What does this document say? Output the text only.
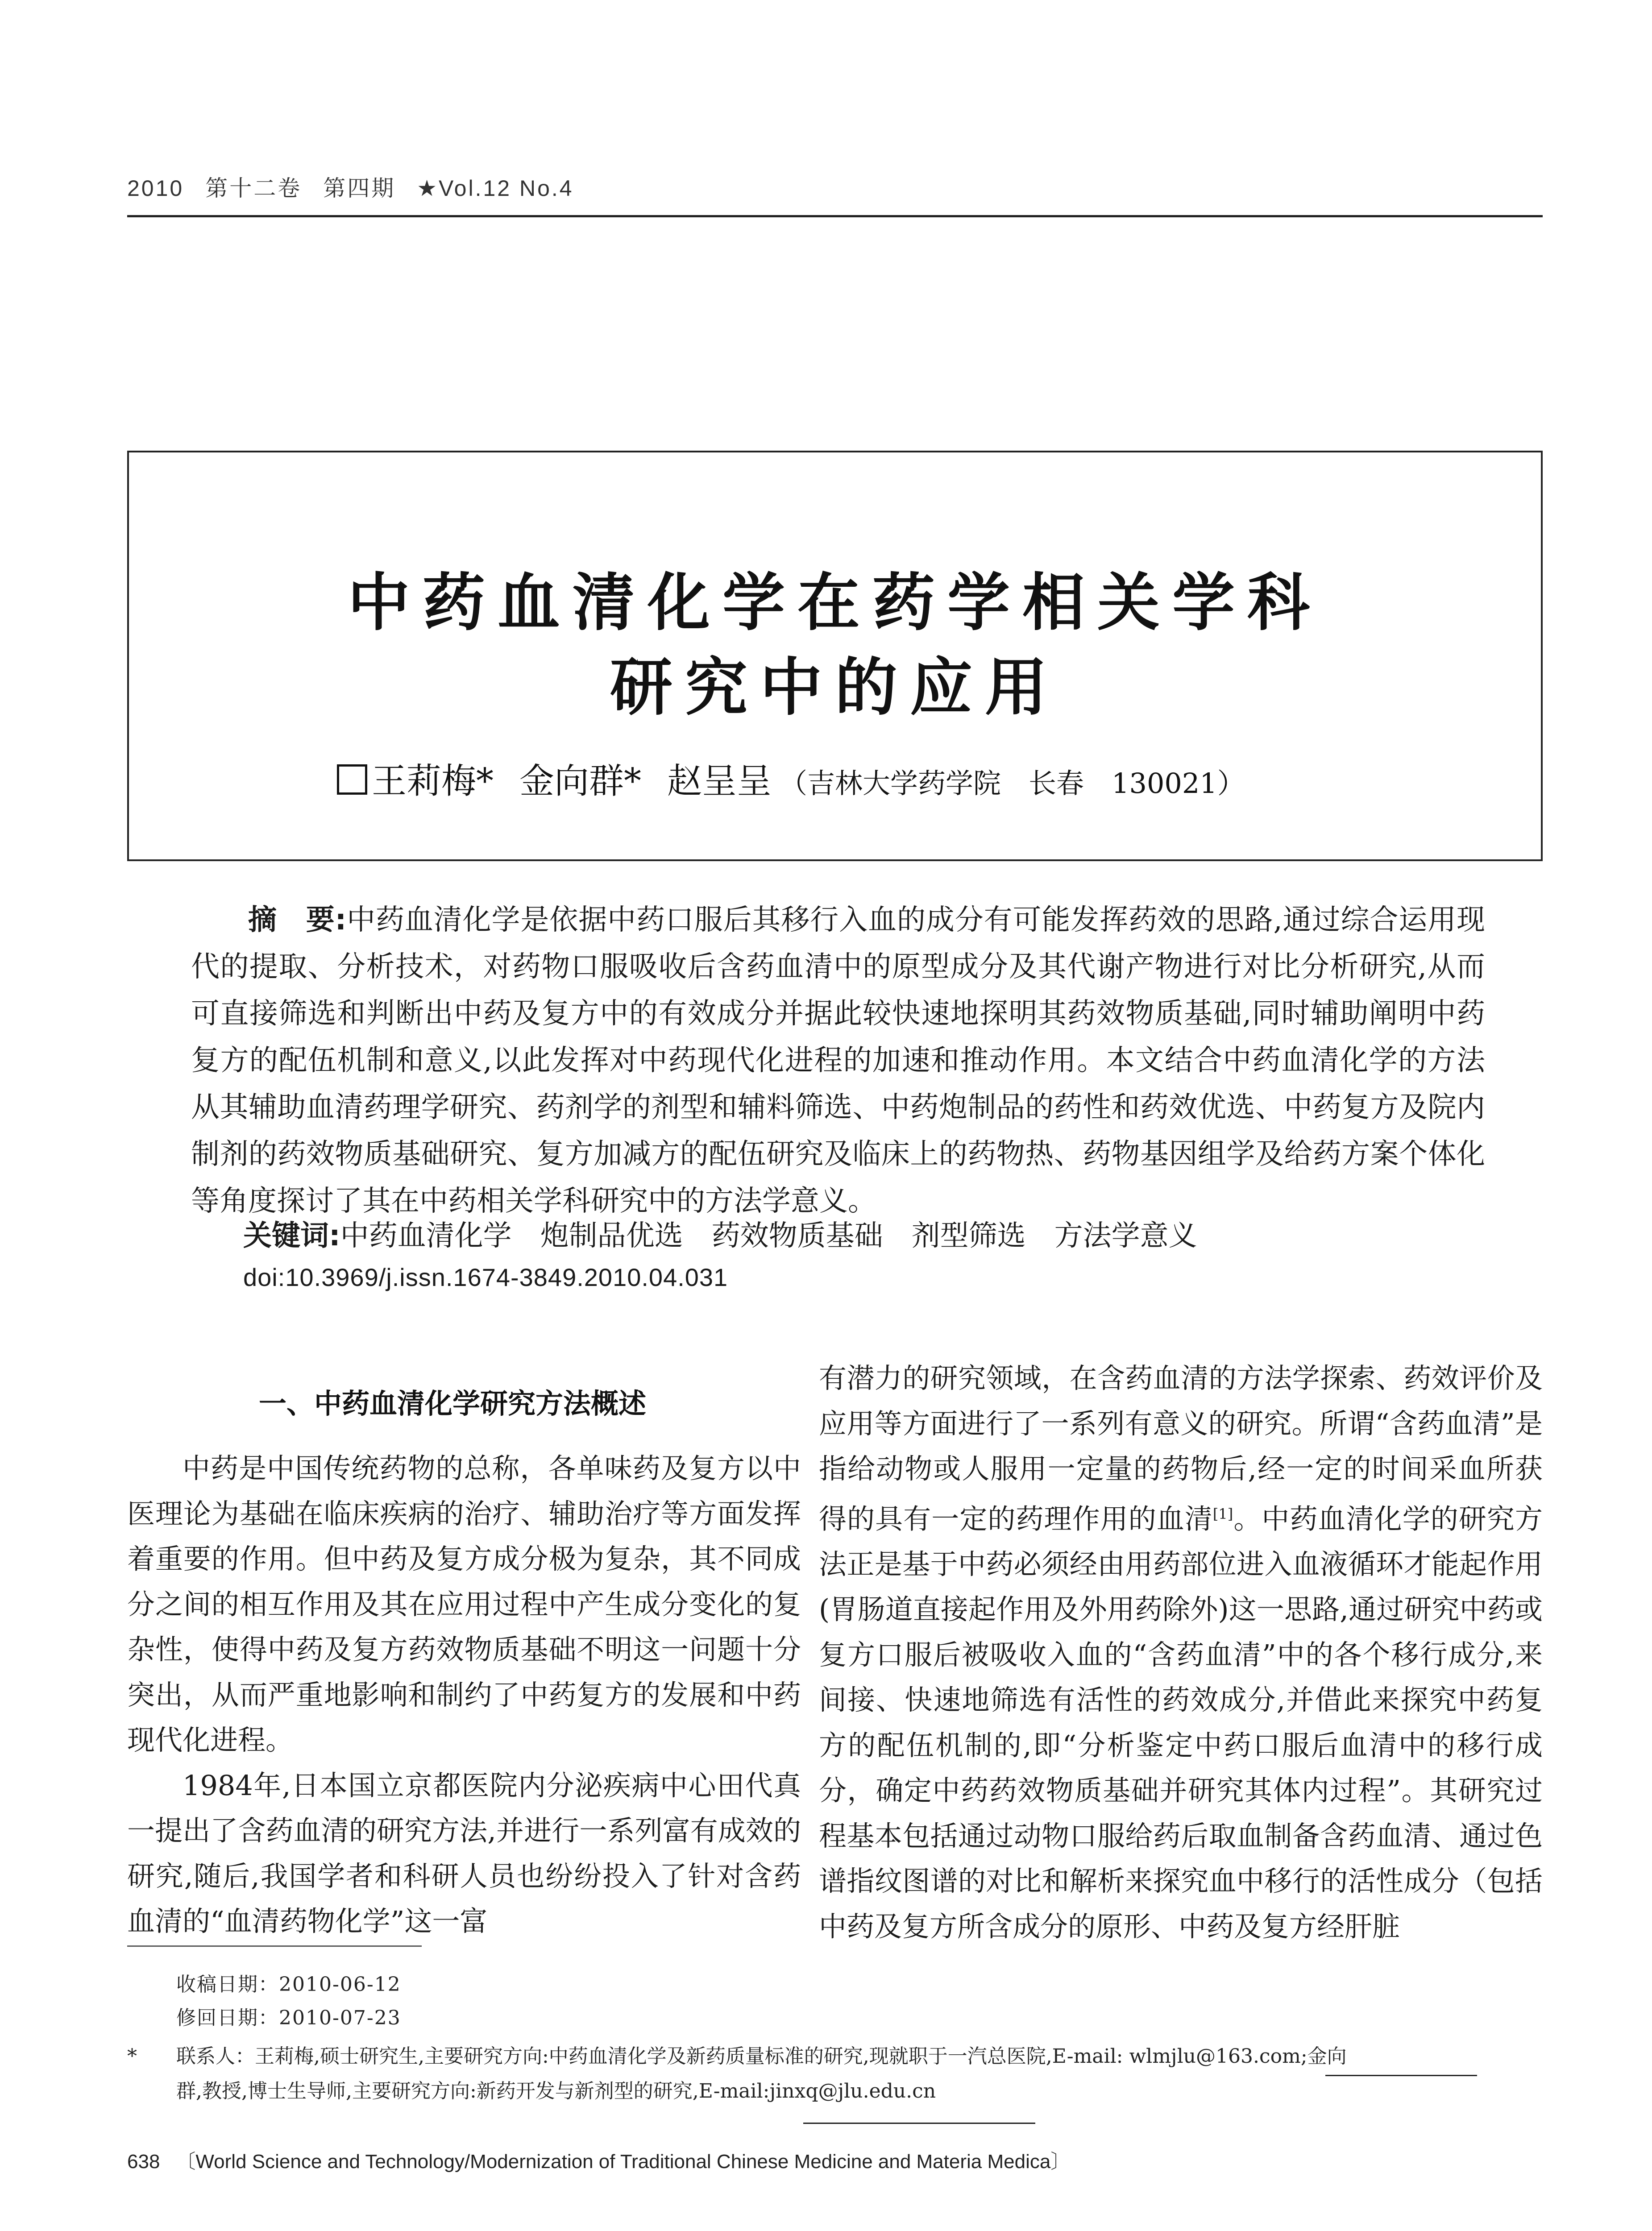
2010 第十二卷 第四期 ★Vol.12 No.4
中药血清化学在药学相关学科
研究中的应用
王莉梅* 金向群* 赵呈呈 （吉林大学药学院　长春　130021）
摘　要:中药血清化学是依据中药口服后其移行入血的成分有可能发挥药效的思路,通过综合运用现代的提取、分析技术，对药物口服吸收后含药血清中的原型成分及其代谢产物进行对比分析研究,从而可直接筛选和判断出中药及复方中的有效成分并据此较快速地探明其药效物质基础,同时辅助阐明中药复方的配伍机制和意义,以此发挥对中药现代化进程的加速和推动作用。本文结合中药血清化学的方法从其辅助血清药理学研究、药剂学的剂型和辅料筛选、中药炮制品的药性和药效优选、中药复方及院内制剂的药效物质基础研究、复方加减方的配伍研究及临床上的药物热、药物基因组学及给药方案个体化等角度探讨了其在中药相关学科研究中的方法学意义。
关键词:中药血清化学 炮制品优选 药效物质基础 剂型筛选 方法学意义
doi:10.3969/j.issn.1674-3849.2010.04.031
一、中药血清化学研究方法概述

中药是中国传统药物的总称，各单味药及复方以中医理论为基础在临床疾病的治疗、辅助治疗等方面发挥着重要的作用。但中药及复方成分极为复杂，其不同成分之间的相互作用及其在应用过程中产生成分变化的复杂性，使得中药及复方药效物质基础不明这一问题十分突出，从而严重地影响和制约了中药复方的发展和中药现代化进程。

1984年,日本国立京都医院内分泌疾病中心田代真一提出了含药血清的研究方法,并进行一系列富有成效的研究,随后,我国学者和科研人员也纷纷投入了针对含药血清的“血清药物化学”这一富

有潜力的研究领域，在含药血清的方法学探索、药效评价及应用等方面进行了一系列有意义的研究。所谓“含药血清”是指给动物或人服用一定量的药物后,经一定的时间采血所获得的具有一定的药理作用的血清[1]。中药血清化学的研究方法正是基于中药必须经由用药部位进入血液循环才能起作用(胃肠道直接起作用及外用药除外)这一思路,通过研究中药或复方口服后被吸收入血的“含药血清”中的各个移行成分,来间接、快速地筛选有活性的药效成分,并借此来探究中药复方的配伍机制的,即“分析鉴定中药口服后血清中的移行成分，确定中药药效物质基础并研究其体内过程”。其研究过程基本包括通过动物口服给药后取血制备含药血清、通过色谱指纹图谱的对比和解析来探究血中移行的活性成分（包括中药及复方所含成分的原形、中药及复方经肝脏

收稿日期：2010-06-12
修回日期：2010-07-23
* 联系人：王莉梅,硕士研究生,主要研究方向:中药血清化学及新药质量标准的研究,现就职于一汽总医院,E-mail: wlmjlu@163.com;金向
群,教授,博士生导师,主要研究方向:新药开发与新剂型的研究,E-mail:jinxq@jlu.edu.cn
638 〔World Science and Technology/Modernization of Traditional Chinese Medicine and Materia Medica〕
